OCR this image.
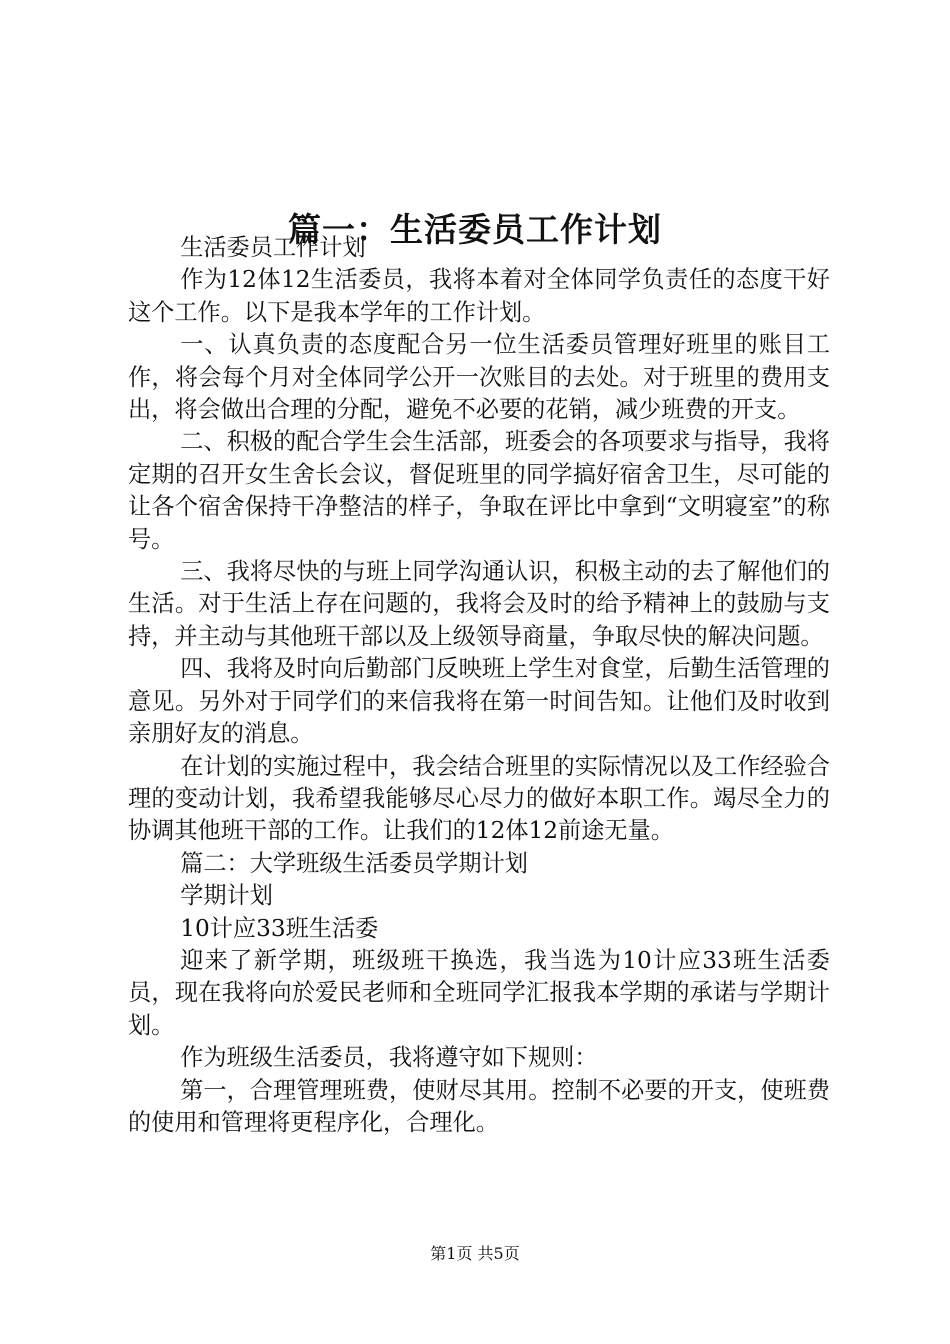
篇一：生活委员工作计划

生活委员工作计划

作为12体12生活委员，我将本着对全体同学负责任的态度干好这个工作。以下是我本学年的工作计划。

一、认真负责的态度配合另一位生活委员管理好班里的账目工作，将会每个月对全体同学公开一次账目的去处。对于班里的费用支出，将会做出合理的分配，避免不必要的花销，减少班费的开支。

二、积极的配合学生会生活部，班委会的各项要求与指导，我将定期的召开女生舍长会议，督促班里的同学搞好宿舍卫生，尽可能的让各个宿舍保持干净整洁的样子，争取在评比中拿到“文明寝室”的称号。

三、我将尽快的与班上同学沟通认识，积极主动的去了解他们的生活。对于生活上存在问题的，我将会及时的给予精神上的鼓励与支持，并主动与其他班干部以及上级领导商量，争取尽快的解决问题。

四、我将及时向后勤部门反映班上学生对食堂，后勤生活管理的意见。另外对于同学们的来信我将在第一时间告知。让他们及时收到亲朋好友的消息。

在计划的实施过程中，我会结合班里的实际情况以及工作经验合理的变动计划，我希望我能够尽心尽力的做好本职工作。竭尽全力的协调其他班干部的工作。让我们的12体12前途无量。

篇二：大学班级生活委员学期计划

学期计划

10计应33班生活委

迎来了新学期，班级班干换选，我当选为10计应33班生活委员，现在我将向於爱民老师和全班同学汇报我本学期的承诺与学期计划。

作为班级生活委员，我将遵守如下规则：

第一，合理管理班费，使财尽其用。控制不必要的开支，使班费的使用和管理将更程序化，合理化。

第1页 共5页
